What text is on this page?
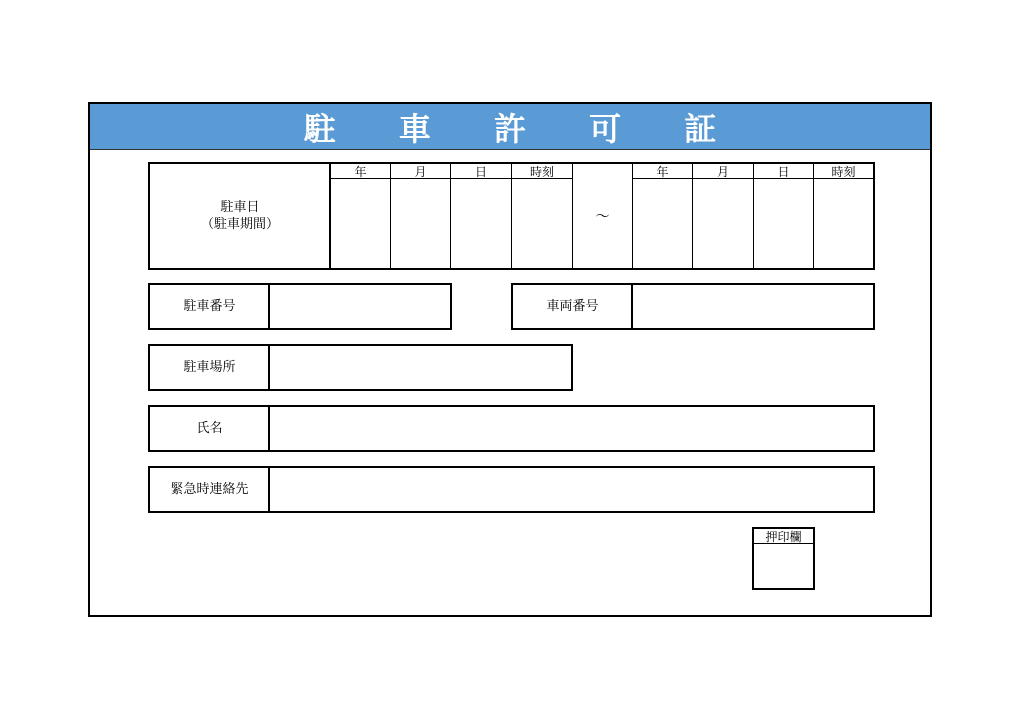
駐 車 許 可 証
駐車日
（駐車期間）
年	月	日	時刻
～
年	月	日	時刻
駐車番号	車両番号
駐車場所
氏名
緊急時連絡先
押印欄
